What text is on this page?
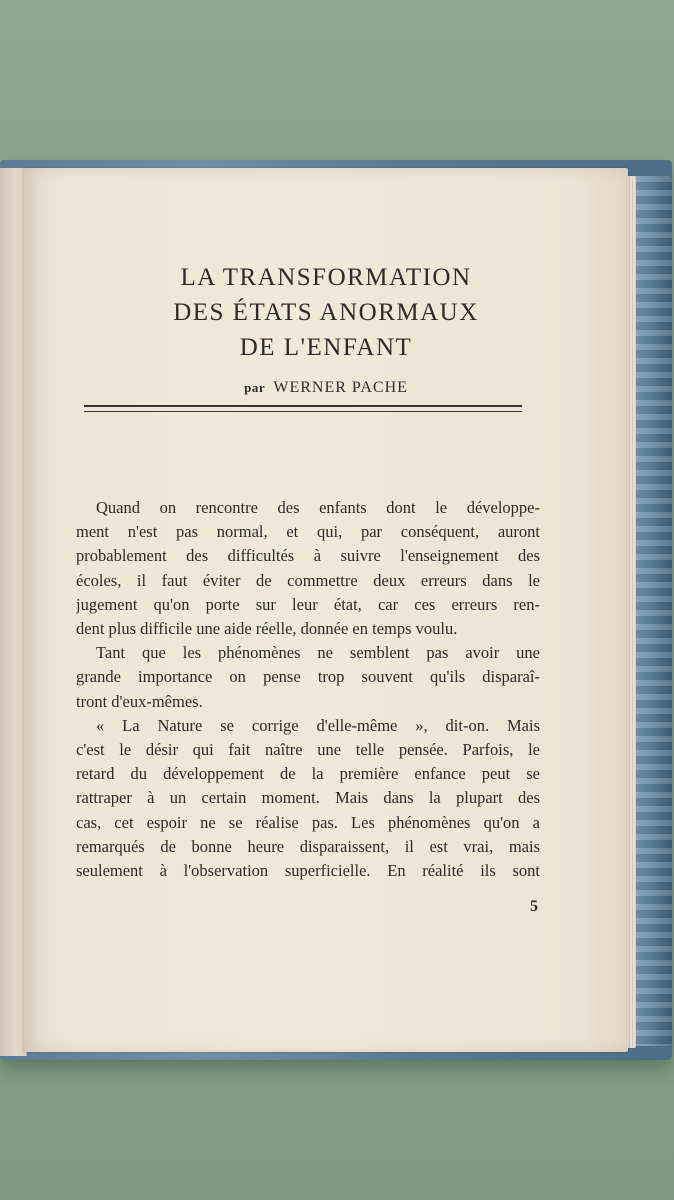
LA TRANSFORMATION

DES ÉTATS ANORMAUX

DE L'ENFANT

par WERNER PACHE
Quand on rencontre des enfants dont le développe-
ment n'est pas normal, et qui, par conséquent, auront
probablement des difficultés à suivre l'enseignement des
écoles, il faut éviter de commettre deux erreurs dans le
jugement qu'on porte sur leur état, car ces erreurs ren-
dent plus difficile une aide réelle, donnée en temps voulu.
Tant que les phénomènes ne semblent pas avoir une
grande importance on pense trop souvent qu'ils disparaî-
tront d'eux-mêmes.
« La Nature se corrige d'elle-même », dit-on. Mais
c'est le désir qui fait naître une telle pensée. Parfois, le
retard du développement de la première enfance peut se
rattraper à un certain moment. Mais dans la plupart des
cas, cet espoir ne se réalise pas. Les phénomènes qu'on a
remarqués de bonne heure disparaissent, il est vrai, mais
seulement à l'observation superficielle. En réalité ils sont
5
